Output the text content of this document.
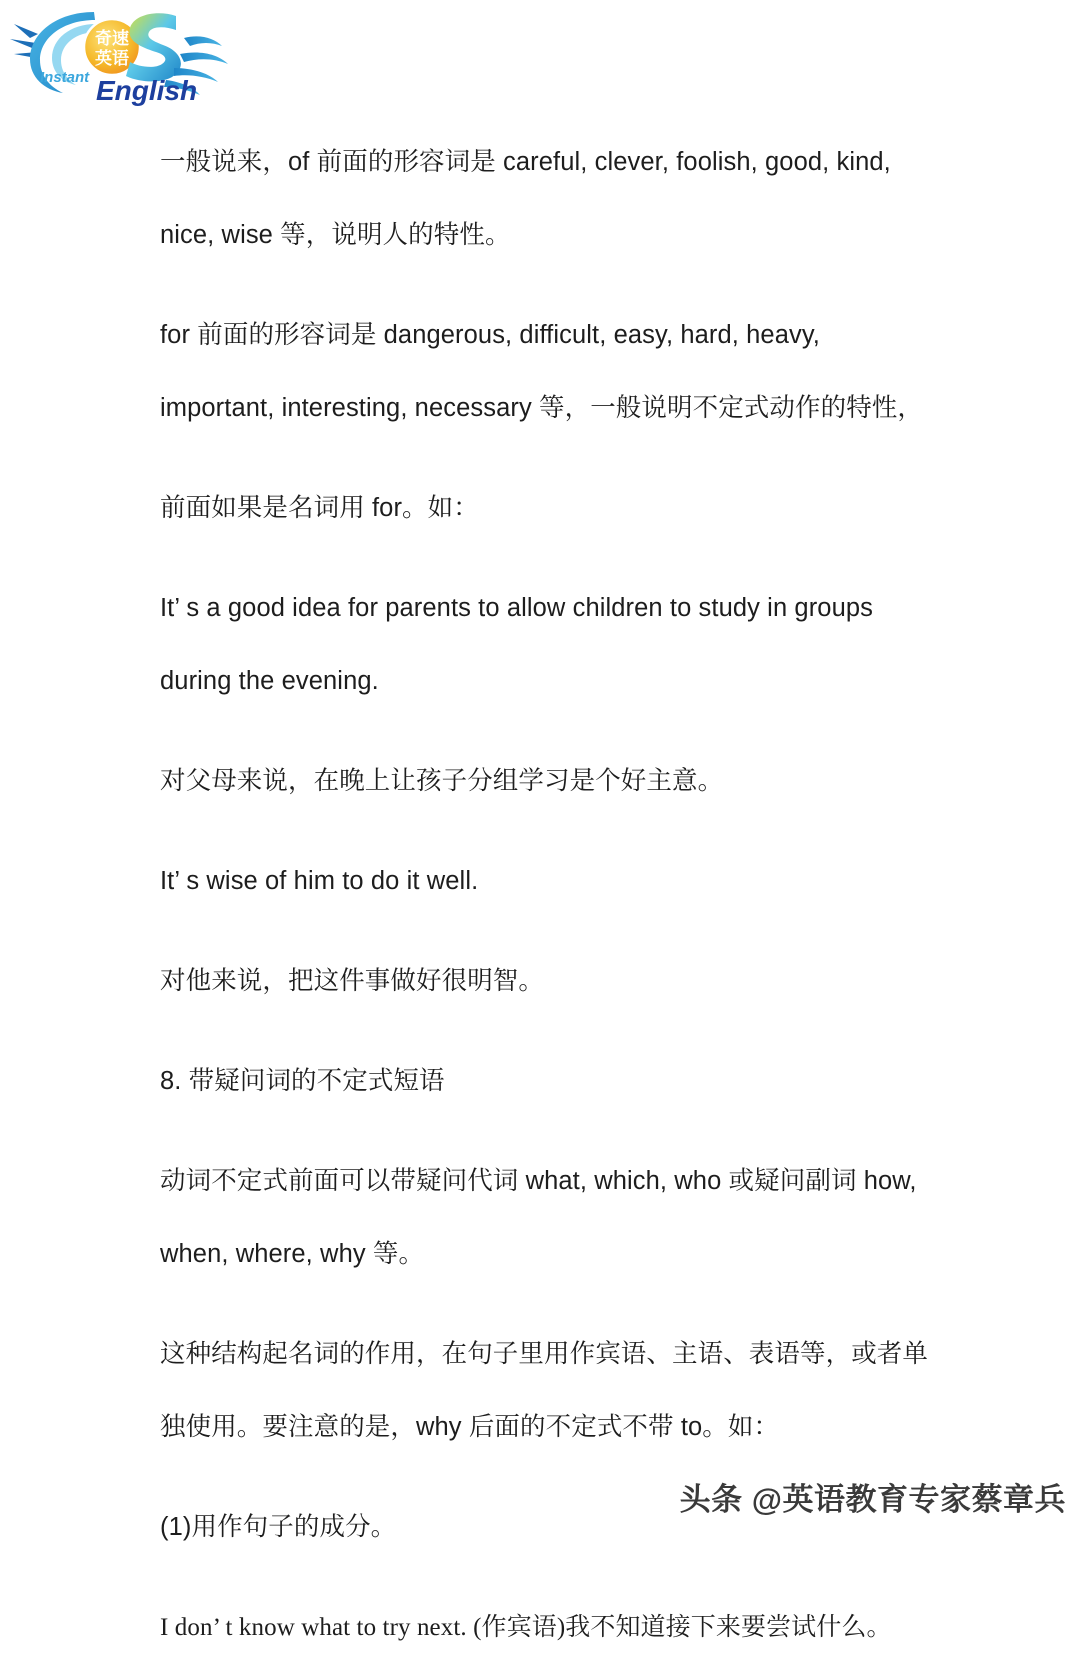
奇速
英语
Instant English

一般说来，of 前面的形容词是 careful, clever, foolish, good, kind, nice, wise 等，说明人的特性。

for 前面的形容词是 dangerous, difficult, easy, hard, heavy, important, interesting, necessary 等，一般说明不定式动作的特性，

前面如果是名词用 for。如：

It’ s a good idea for parents to allow children to study in groups during the evening.

对父母来说，在晚上让孩子分组学习是个好主意。

It’ s wise of him to do it well.

对他来说，把这件事做好很明智。

8. 带疑问词的不定式短语

动词不定式前面可以带疑问代词 what, which, who 或疑问副词 how, when, where, why 等。

这种结构起名词的作用，在句子里用作宾语、主语、表语等，或者单独使用。要注意的是，why 后面的不定式不带 to。如：

(1)用作句子的成分。

I don’ t know what to try next. (作宾语)我不知道接下来要尝试什么。

头条 @英语教育专家蔡章兵
